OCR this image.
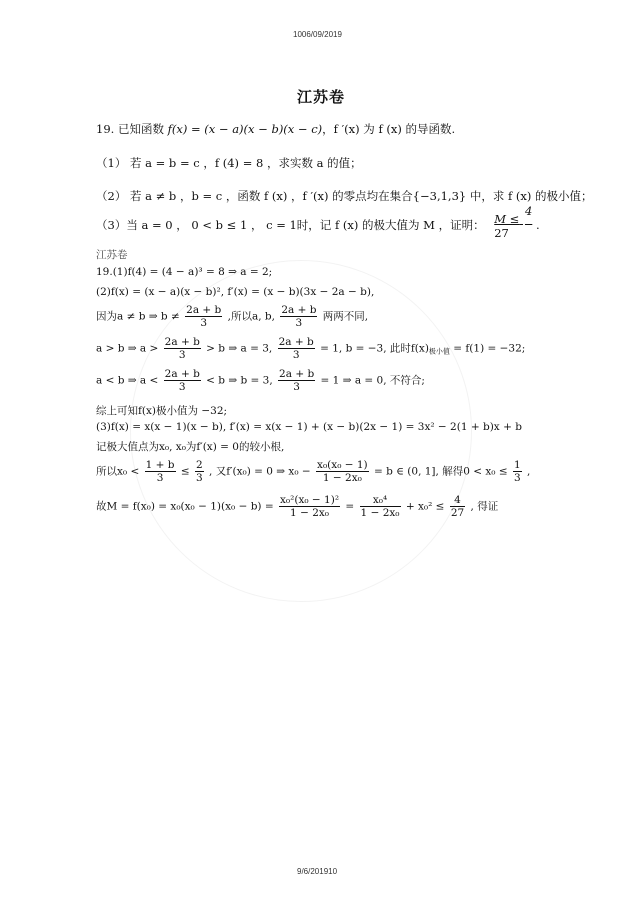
1006/09/2019
江苏卷
19. 已知函数 f(x) = (x − a)(x − b)(x − c)，f ′(x) 为 f (x) 的导函数.
（1） 若 a = b = c ，f (4) = 8 ，求实数 a 的值；
（2） 若 a ≠ b ，b = c ，函数 f (x) ，f ′(x) 的零点均在集合{−3,1,3} 中，求 f (x) 的极小值；
（3）当 a = 0 ， 0 < b ≤ 1 ， c = 1时，记 f (x) 的极大值为 M ，证明： $\frac{M \le 4}{27}$ .
江苏卷
19.(1)f(4) = (4 − a)³ = 8 ⇒ a = 2;
(2)f(x) = (x − a)(x − b)², f′(x) = (x − b)(3x − 2a − b),
因为a ≠ b ⇒ $b \ne \frac{2a + b}{3}$ ,所以a, b, $\frac{2a + b}{3}$ 两两不同,
a > b ⇒ $a > \frac{2a + b}{3} > b$ ⇒ a = 3, $\frac{2a + b}{3} = 1$, b = −3, 此时$f(x)_{极小值} = f(1) = -32$;
a < b ⇒ $a < \frac{2a + b}{3} < b$ ⇒ b = 3, $\frac{2a + b}{3} = 1$ ⇒ a = 0, 不符合;
综上可知f(x)极小值为 −32;
(3)f(x) = x(x − 1)(x − b), f′(x) = x(x − 1) + (x − b)(2x − 1) = 3x² − 2(1 + b)x + b
记极大值点为x₀, x₀为f′(x) = 0的较小根,
所以$x_0 < \frac{1 + b}{3} \le \frac{2}{3}$ , 又f′(x₀) = 0 ⇒ $x_0 - \frac{\text{x₀(x₀ − 1)}}{\text{1 − 2x₀}} = b$ ∈ (0, 1], 解得$0 < x_0 \le \frac{1}{3}$ ,
故$M = f(x_0) = x_0(x_0 - 1)(x_0 - b) = \frac{\text{x₀²(x₀ − 1)²}}{\text{1 − 2x₀}} = \frac{\text{x₀⁴}}{\text{1 − 2x₀}} + x_0^2 \le \frac{4}{27}$ , 得证
9/6/201910
